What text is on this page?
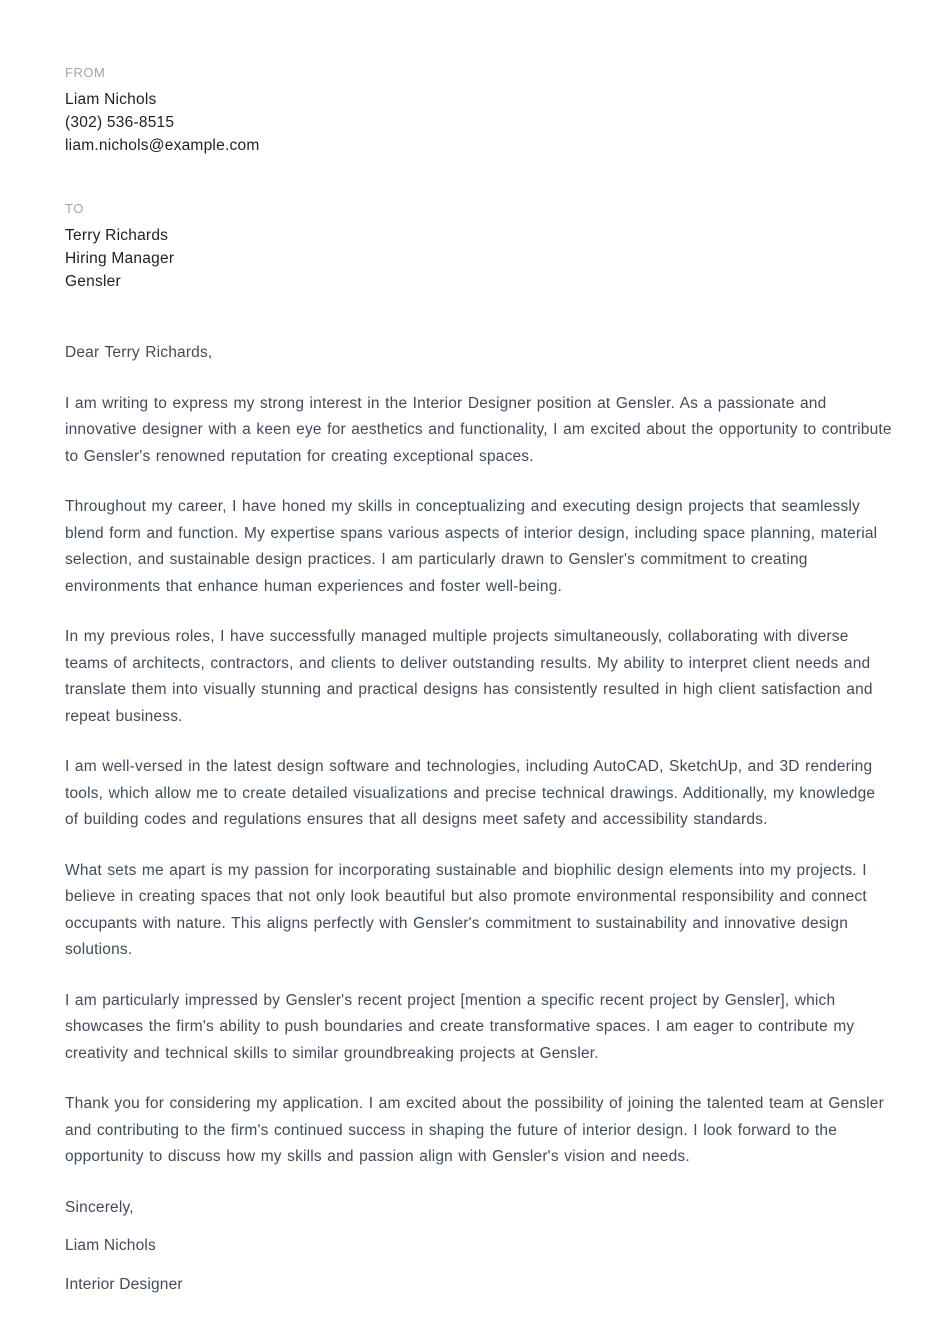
FROM
Liam Nichols
(302) 536-8515
liam.nichols@example.com
TO
Terry Richards
Hiring Manager
Gensler

Dear Terry Richards,

I am writing to express my strong interest in the Interior Designer position at Gensler. As a passionate and innovative designer with a keen eye for aesthetics and functionality, I am excited about the opportunity to contribute to Gensler's renowned reputation for creating exceptional spaces.

Throughout my career, I have honed my skills in conceptualizing and executing design projects that seamlessly blend form and function. My expertise spans various aspects of interior design, including space planning, material selection, and sustainable design practices. I am particularly drawn to Gensler's commitment to creating environments that enhance human experiences and foster well-being.

In my previous roles, I have successfully managed multiple projects simultaneously, collaborating with diverse teams of architects, contractors, and clients to deliver outstanding results. My ability to interpret client needs and translate them into visually stunning and practical designs has consistently resulted in high client satisfaction and repeat business.

I am well-versed in the latest design software and technologies, including AutoCAD, SketchUp, and 3D rendering tools, which allow me to create detailed visualizations and precise technical drawings. Additionally, my knowledge of building codes and regulations ensures that all designs meet safety and accessibility standards.

What sets me apart is my passion for incorporating sustainable and biophilic design elements into my projects. I believe in creating spaces that not only look beautiful but also promote environmental responsibility and connect occupants with nature. This aligns perfectly with Gensler's commitment to sustainability and innovative design solutions.

I am particularly impressed by Gensler's recent project [mention a specific recent project by Gensler], which showcases the firm's ability to push boundaries and create transformative spaces. I am eager to contribute my creativity and technical skills to similar groundbreaking projects at Gensler.

Thank you for considering my application. I am excited about the possibility of joining the talented team at Gensler and contributing to the firm's continued success in shaping the future of interior design. I look forward to the opportunity to discuss how my skills and passion align with Gensler's vision and needs.

Sincerely,

Liam Nichols

Interior Designer
